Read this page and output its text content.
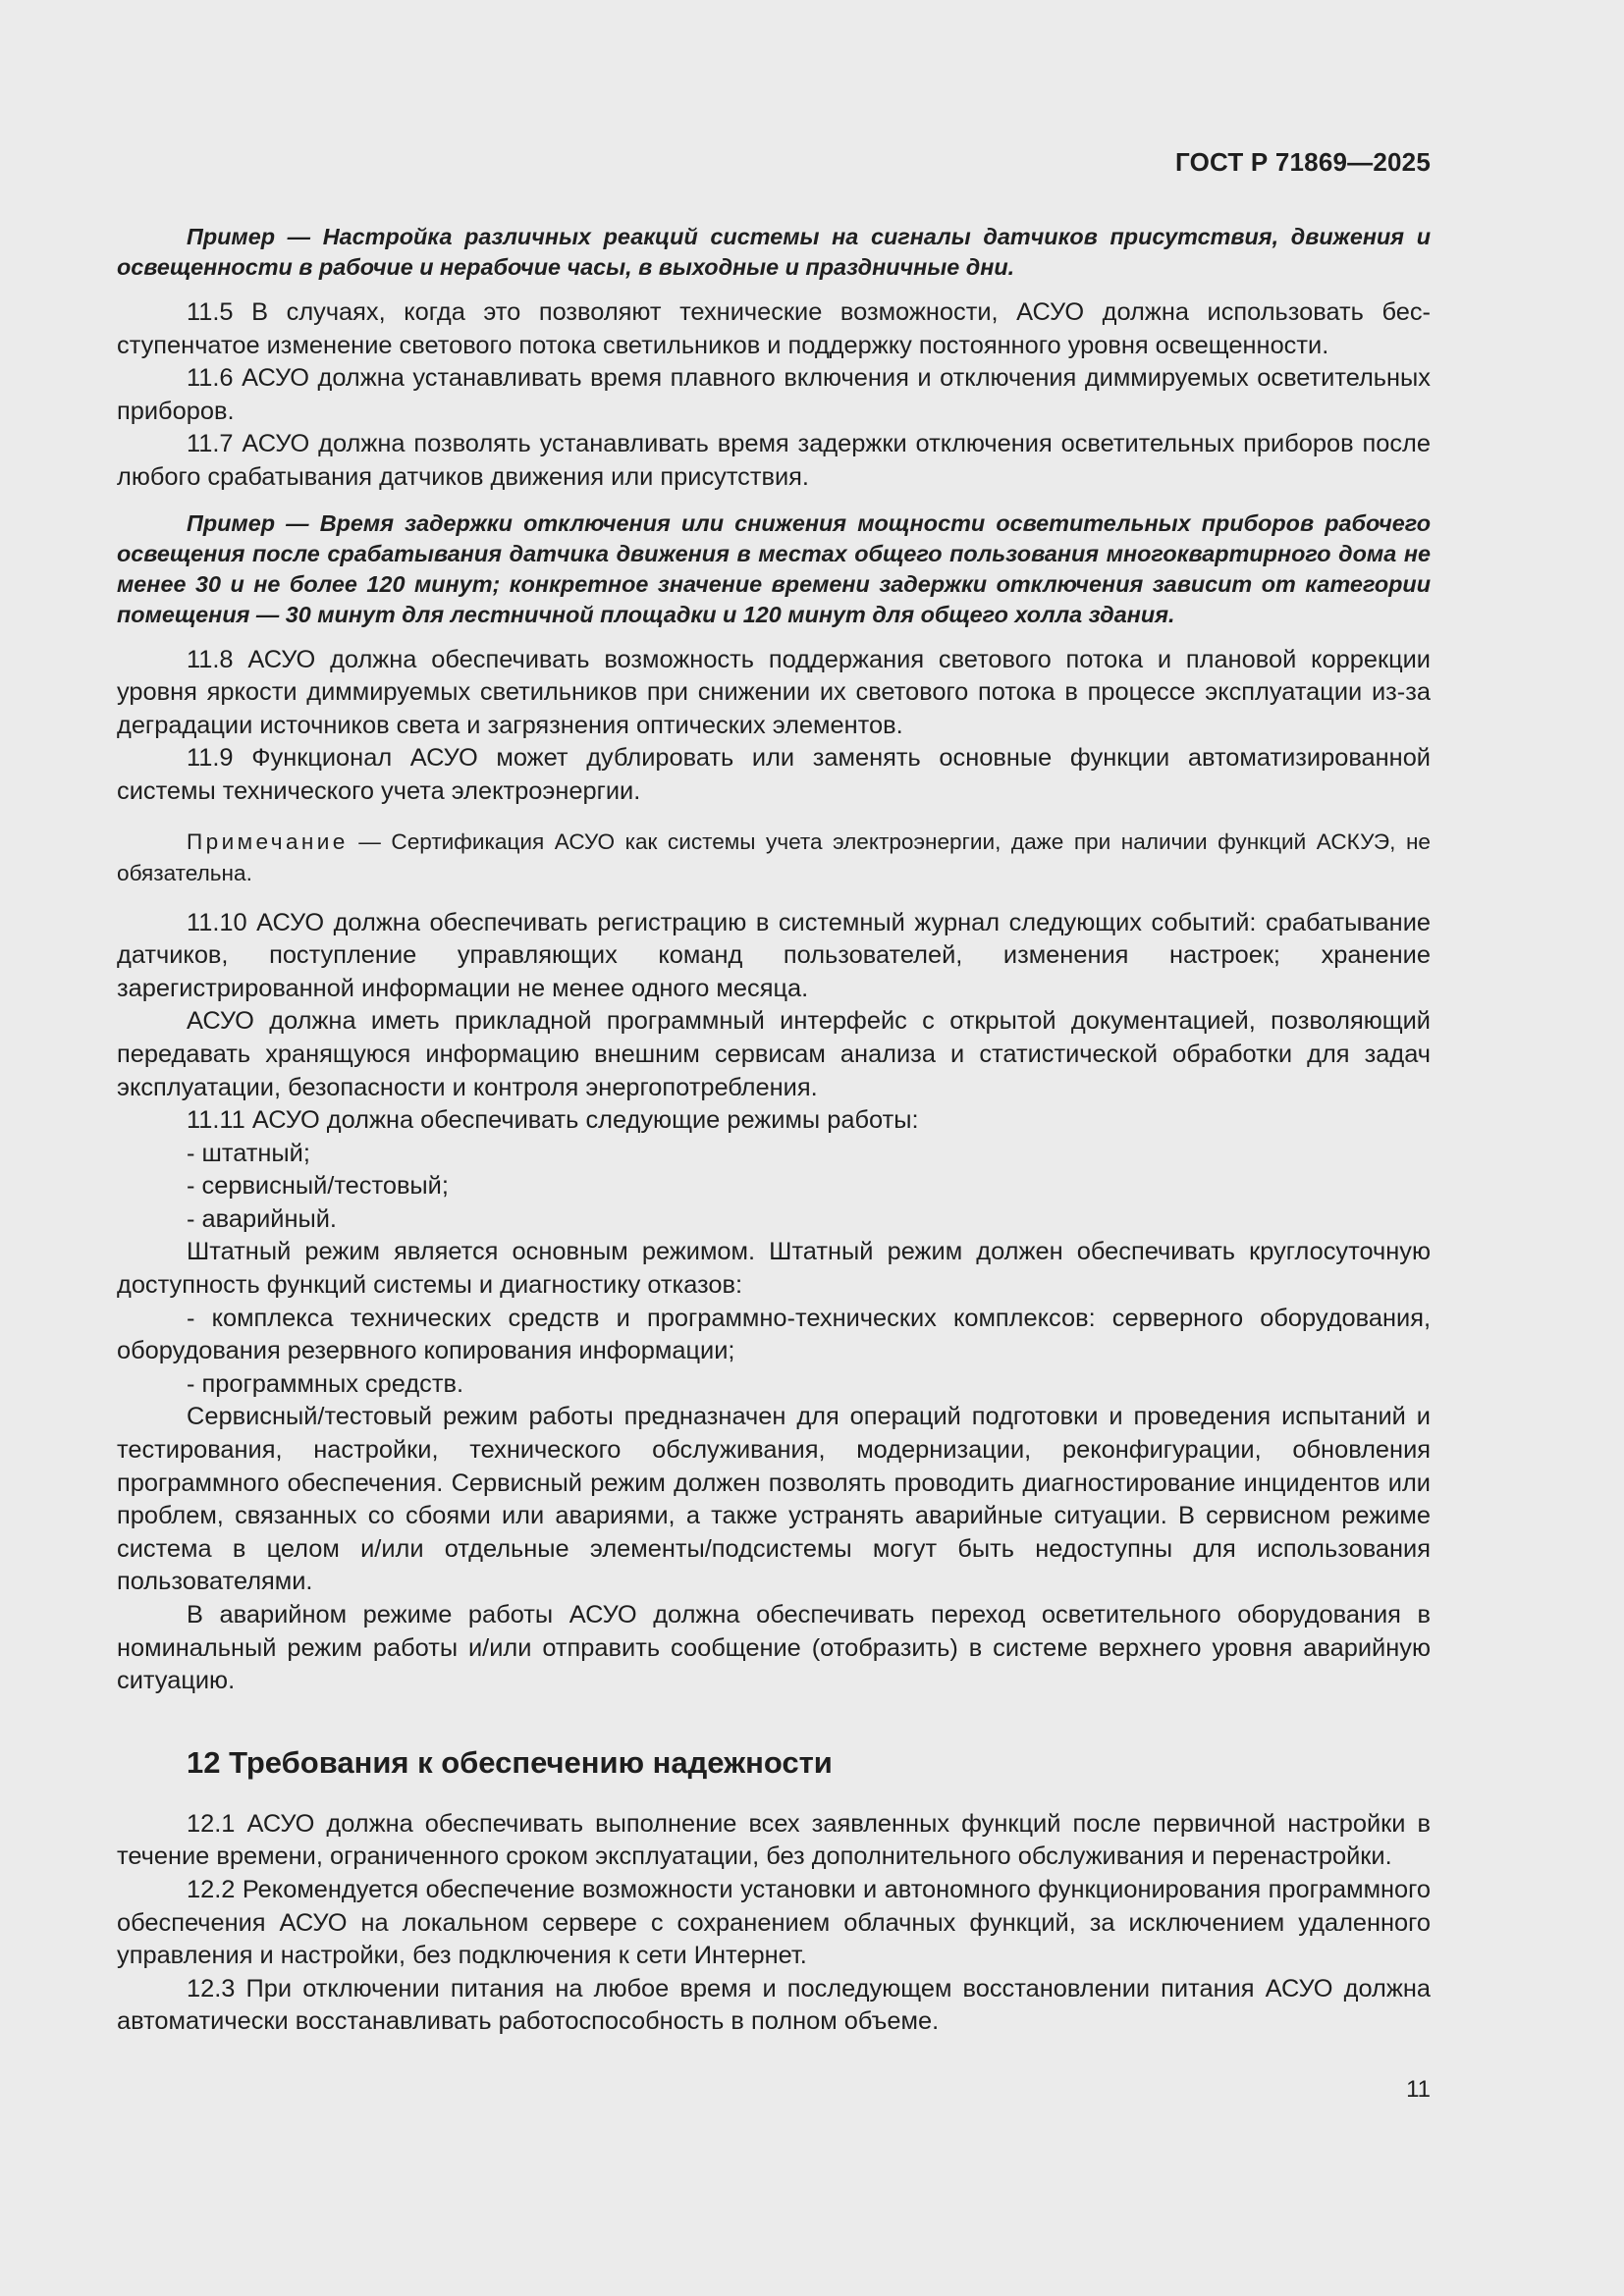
ГОСТ Р 71869—2025

Пример — Настройка различных реакций системы на сигналы датчиков присутствия, движения и освещенности в рабочие и нерабочие часы, в выходные и праздничные дни.

11.5 В случаях, когда это позволяют технические возможности, АСУО должна использовать бесступенчатое изменение светового потока светильников и поддержку постоянного уровня освещенности.

11.6 АСУО должна устанавливать время плавного включения и отключения диммируемых осветительных приборов.

11.7 АСУО должна позволять устанавливать время задержки отключения осветительных приборов после любого срабатывания датчиков движения или присутствия.

Пример — Время задержки отключения или снижения мощности осветительных приборов рабочего освещения после срабатывания датчика движения в местах общего пользования многоквартирного дома не менее 30 и не более 120 минут; конкретное значение времени задержки отключения зависит от категории помещения — 30 минут для лестничной площадки и 120 минут для общего холла здания.

11.8 АСУО должна обеспечивать возможность поддержания светового потока и плановой коррекции уровня яркости диммируемых светильников при снижении их светового потока в процессе эксплуатации из-за деградации источников света и загрязнения оптических элементов.

11.9 Функционал АСУО может дублировать или заменять основные функции автоматизированной системы технического учета электроэнергии.

Примечание — Сертификация АСУО как системы учета электроэнергии, даже при наличии функций АСКУЭ, не обязательна.

11.10 АСУО должна обеспечивать регистрацию в системный журнал следующих событий: срабатывание датчиков, поступление управляющих команд пользователей, изменения настроек; хранение зарегистрированной информации не менее одного месяца.

АСУО должна иметь прикладной программный интерфейс с открытой документацией, позволяющий передавать хранящуюся информацию внешним сервисам анализа и статистической обработки для задач эксплуатации, безопасности и контроля энергопотребления.

11.11 АСУО должна обеспечивать следующие режимы работы:

- штатный;

- сервисный/тестовый;

- аварийный.

Штатный режим является основным режимом. Штатный режим должен обеспечивать круглосуточную доступность функций системы и диагностику отказов:

- комплекса технических средств и программно-технических комплексов: серверного оборудования, оборудования резервного копирования информации;

- программных средств.

Сервисный/тестовый режим работы предназначен для операций подготовки и проведения испытаний и тестирования, настройки, технического обслуживания, модернизации, реконфигурации, обновления программного обеспечения. Сервисный режим должен позволять проводить диагностирование инцидентов или проблем, связанных со сбоями или авариями, а также устранять аварийные ситуации. В сервисном режиме система в целом и/или отдельные элементы/подсистемы могут быть недоступны для использования пользователями.

В аварийном режиме работы АСУО должна обеспечивать переход осветительного оборудования в номинальный режим работы и/или отправить сообщение (отобразить) в системе верхнего уровня аварийную ситуацию.

12 Требования к обеспечению надежности

12.1 АСУО должна обеспечивать выполнение всех заявленных функций после первичной настройки в течение времени, ограниченного сроком эксплуатации, без дополнительного обслуживания и перенастройки.

12.2 Рекомендуется обеспечение возможности установки и автономного функционирования программного обеспечения АСУО на локальном сервере с сохранением облачных функций, за исключением удаленного управления и настройки, без подключения к сети Интернет.

12.3 При отключении питания на любое время и последующем восстановлении питания АСУО должна автоматически восстанавливать работоспособность в полном объеме.

11
